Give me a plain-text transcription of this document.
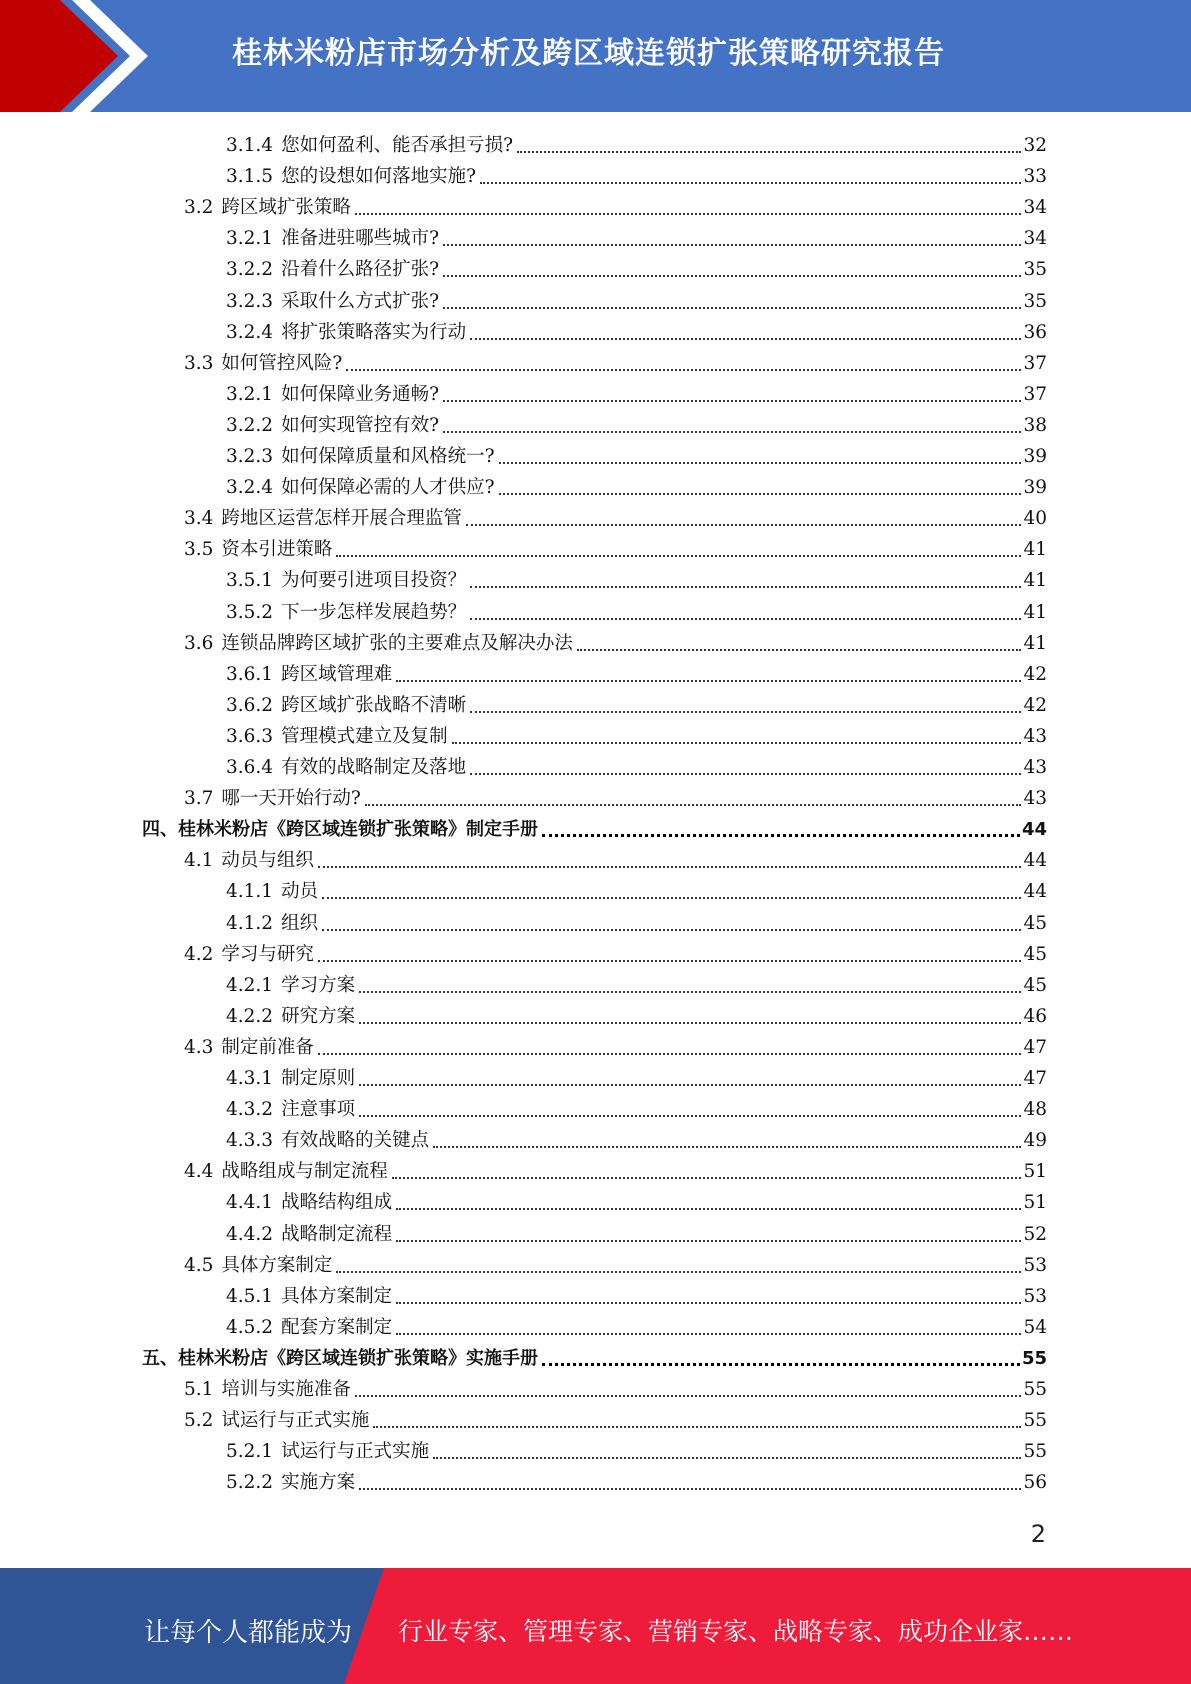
桂林米粉店市场分析及跨区域连锁扩张策略研究报告
3.1.4 您如何盈利、能否承担亏损?	32
3.1.5 您的设想如何落地实施?	33
3.2 跨区域扩张策略	34
3.2.1 准备进驻哪些城市?	34
3.2.2 沿着什么路径扩张?	35
3.2.3 采取什么方式扩张?	35
3.2.4 将扩张策略落实为行动	36
3.3 如何管控风险?	37
3.2.1 如何保障业务通畅?	37
3.2.2 如何实现管控有效?	38
3.2.3 如何保障质量和风格统一?	39
3.2.4 如何保障必需的人才供应?	39
3.4 跨地区运营怎样开展合理监管	40
3.5 资本引进策略	41
3.5.1 为何要引进项目投资？	41
3.5.2 下一步怎样发展趋势？	41
3.6 连锁品牌跨区域扩张的主要难点及解决办法	41
3.6.1 跨区域管理难	42
3.6.2 跨区域扩张战略不清晰	42
3.6.3 管理模式建立及复制	43
3.6.4 有效的战略制定及落地	43
3.7 哪一天开始行动?	43
四、桂林米粉店《跨区域连锁扩张策略》制定手册	44
4.1 动员与组织	44
4.1.1 动员	44
4.1.2 组织	45
4.2 学习与研究	45
4.2.1 学习方案	45
4.2.2 研究方案	46
4.3 制定前准备	47
4.3.1 制定原则	47
4.3.2 注意事项	48
4.3.3 有效战略的关键点	49
4.4 战略组成与制定流程	51
4.4.1 战略结构组成	51
4.4.2 战略制定流程	52
4.5 具体方案制定	53
4.5.1 具体方案制定	53
4.5.2 配套方案制定	54
五、桂林米粉店《跨区域连锁扩张策略》实施手册	55
5.1 培训与实施准备	55
5.2 试运行与正式实施	55
5.2.1 试运行与正式实施	55
5.2.2 实施方案	56
2
让每个人都能成为 行业专家、管理专家、营销专家、战略专家、成功企业家……
